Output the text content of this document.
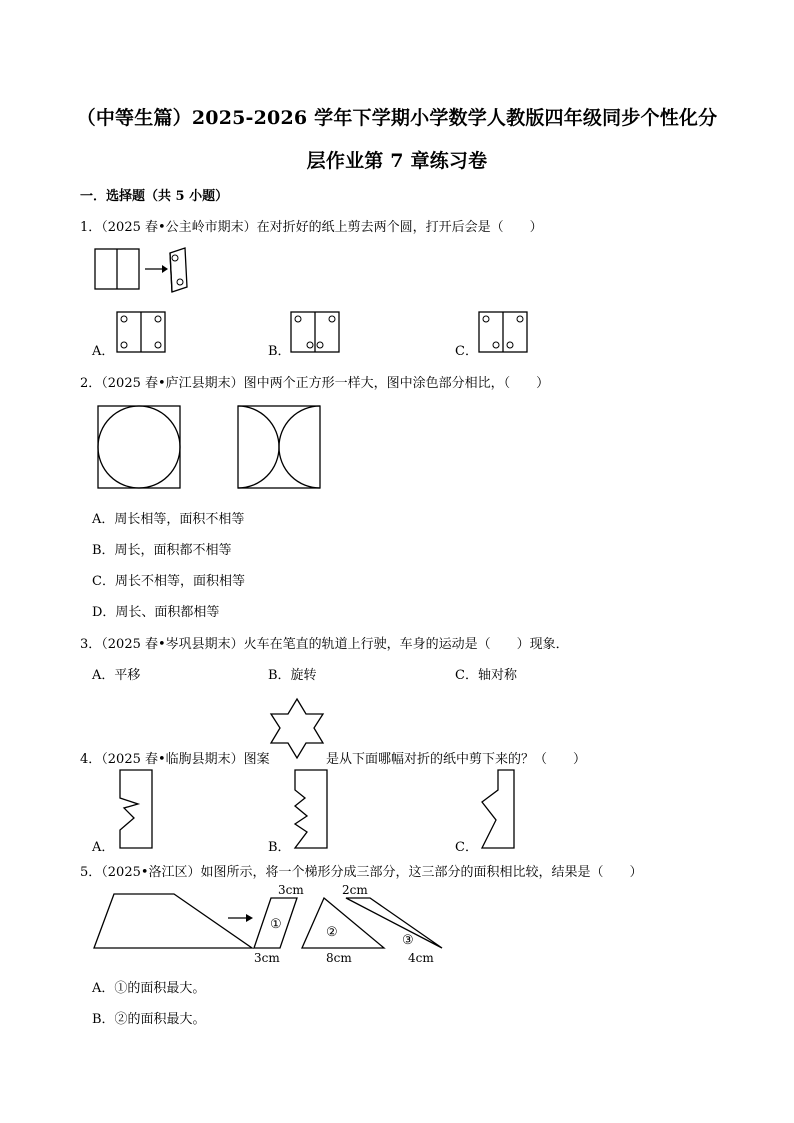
（中等生篇）2025-2026 学年下学期小学数学人教版四年级同步个性化分
层作业第 7 章练习卷
一．选择题（共 5 小题）
1．（2025 春•公主岭市期末）在对折好的纸上剪去两个圆，打开后会是（　　）
A．	B．	C．
2．（2025 春•庐江县期末）图中两个正方形一样大，图中涂色部分相比，（　　）
A．周长相等，面积不相等
B．周长，面积都不相等
C．周长不相等，面积相等
D．周长、面积都相等
3．（2025 春•岑巩县期末）火车在笔直的轨道上行驶，车身的运动是（　　）现象．
A．平移	B．旋转	C．轴对称
4．（2025 春•临朐县期末）图案	是从下面哪幅对折的纸中剪下来的？（　　）
A．	B．	C．
5．（2025•洛江区）如图所示，将一个梯形分成三部分，这三部分的面积相比较，结果是（　　）
3cm	2cm
3cm	8cm	4cm
①
②
③
A．①的面积最大。
B．②的面积最大。
